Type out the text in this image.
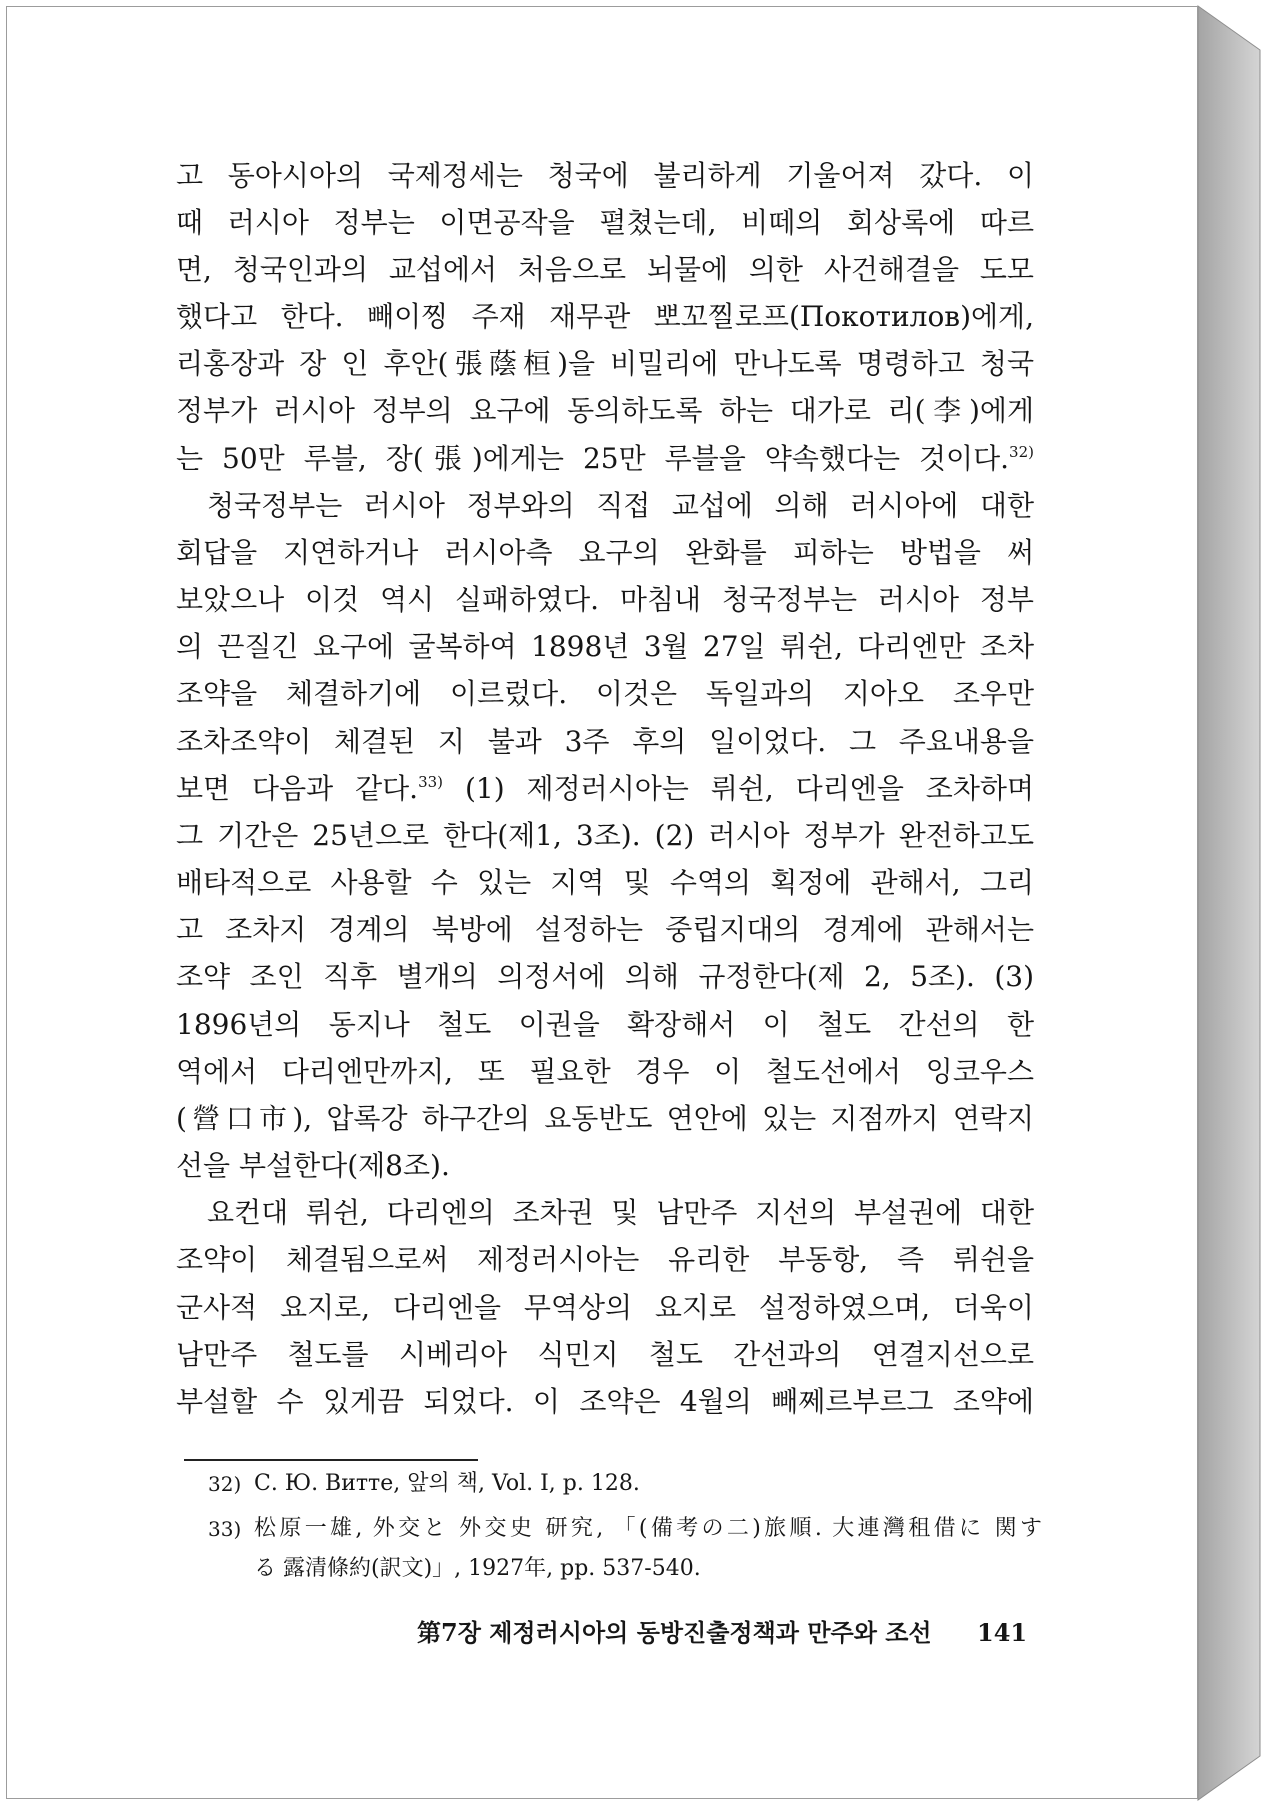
고 동아시아의 국제정세는 청국에 불리하게 기울어져 갔다. 이
때 러시아 정부는 이면공작을 펼쳤는데, 비떼의 회상록에 따르
면, 청국인과의 교섭에서 처음으로 뇌물에 의한 사건해결을 도모
했다고 한다. 빼이찡 주재 재무관 뽀꼬찔로프(Покотилов)에게,
리홍장과 장 인 후안(張蔭桓)을 비밀리에 만나도록 명령하고 청국
정부가 러시아 정부의 요구에 동의하도록 하는 대가로 리(李)에게
는 50만 루블, 장(張)에게는 25만 루블을 약속했다는 것이다.$^{32)}$
청국정부는 러시아 정부와의 직접 교섭에 의해 러시아에 대한
회답을 지연하거나 러시아측 요구의 완화를 피하는 방법을 써
보았으나 이것 역시 실패하였다. 마침내 청국정부는 러시아 정부
의 끈질긴 요구에 굴복하여 1898년 3월 27일 뤼쉰, 다리엔만 조차
조약을 체결하기에 이르렀다. 이것은 독일과의 지아오 조우만
조차조약이 체결된 지 불과 3주 후의 일이었다. 그 주요내용을
보면 다음과 같다.$^{33)}$ (1) 제정러시아는 뤼쉰, 다리엔을 조차하며
그 기간은 25년으로 한다(제1, 3조). (2) 러시아 정부가 완전하고도
배타적으로 사용할 수 있는 지역 및 수역의 획정에 관해서, 그리
고 조차지 경계의 북방에 설정하는 중립지대의 경계에 관해서는
조약 조인 직후 별개의 의정서에 의해 규정한다(제 2, 5조). (3)
1896년의 동지나 철도 이권을 확장해서 이 철도 간선의 한
역에서 다리엔만까지, 또 필요한 경우 이 철도선에서 잉코우스
(營口市), 압록강 하구간의 요동반도 연안에 있는 지점까지 연락지
선을 부설한다(제8조).
요컨대 뤼쉰, 다리엔의 조차권 및 남만주 지선의 부설권에 대한
조약이 체결됨으로써 제정러시아는 유리한 부동항, 즉 뤼쉰을
군사적 요지로, 다리엔을 무역상의 요지로 설정하였으며, 더욱이
남만주 철도를 시베리아 식민지 철도 간선과의 연결지선으로
부설할 수 있게끔 되었다. 이 조약은 4월의 빼쩨르부르그 조약에
32) С. Ю. Витте, 앞의 책, Vol. I, p. 128.
33) 松原一雄, 外交と 外交史 研究, 「(備考の二)旅順. 大連灣租借に 関す
る 露清條約(訳文)」, 1927年, pp. 537-540.
第7장 제정러시아의 동방진출정책과 만주와 조선 141
